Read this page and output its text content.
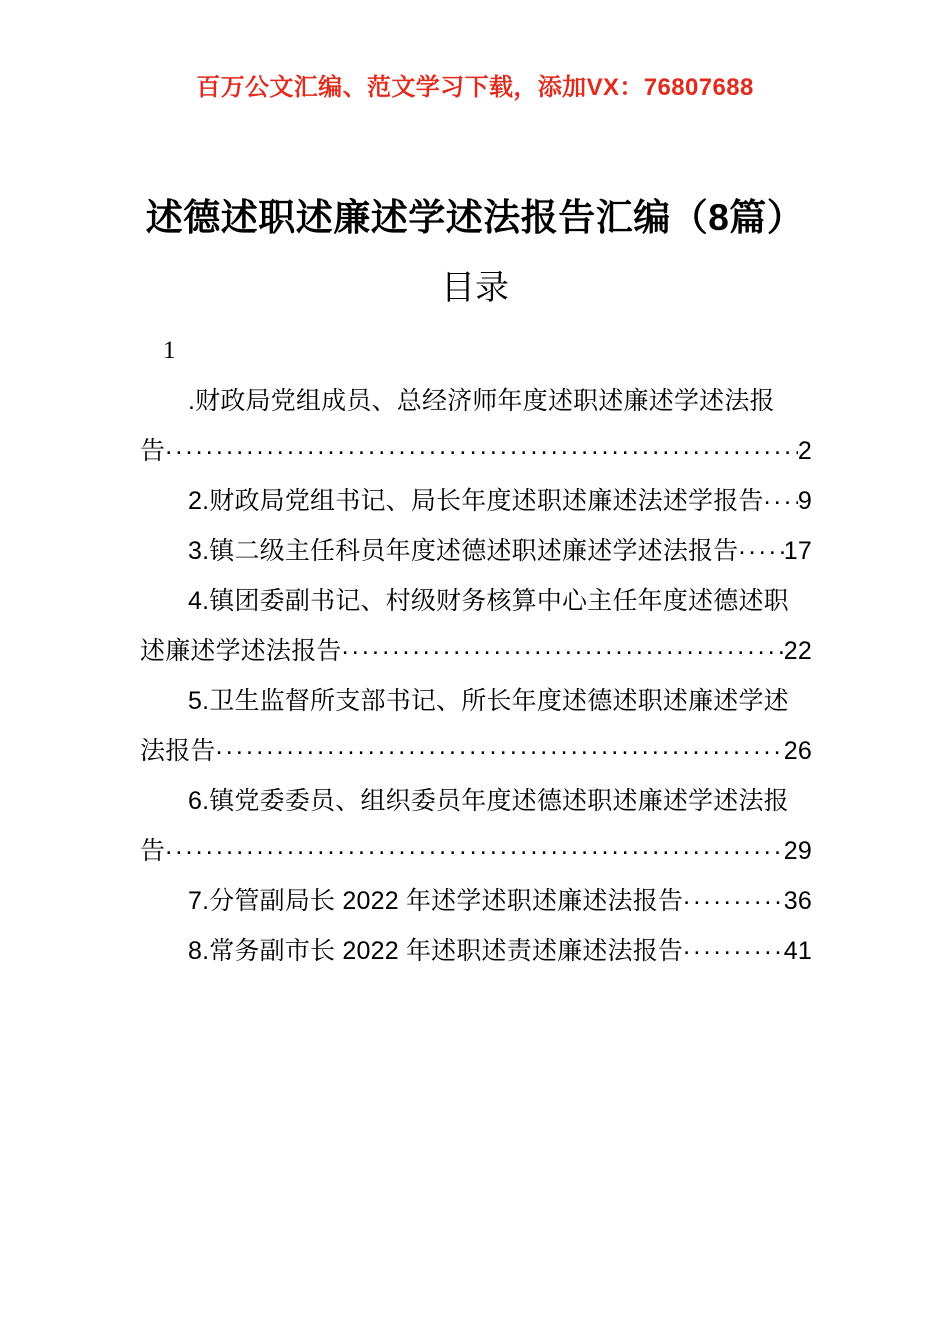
百万公文汇编、范文学习下载，添加VX：76807688
述德述职述廉述学述法报告汇编（8篇）
目录
1
.财政局党组成员、总经济师年度述职述廉述学述法报
告 .....	2
2.财政局党组书记、局长年度述职述廉述法述学报告 ..... 9
3.镇二级主任科员年度述德述职述廉述学述法报告 ..... 17
4.镇团委副书记、村级财务核算中心主任年度述德述职
述廉述学述法报告 .....	22
5.卫生监督所支部书记、所长年度述德述职述廉述学述
法报告 .....	26
6.镇党委委员、组织委员年度述德述职述廉述学述法报
告 .....	29
7.分管副局长 2022 年述学述职述廉述法报告 .....	36
8.常务副市长 2022 年述职述责述廉述法报告 .....	41
